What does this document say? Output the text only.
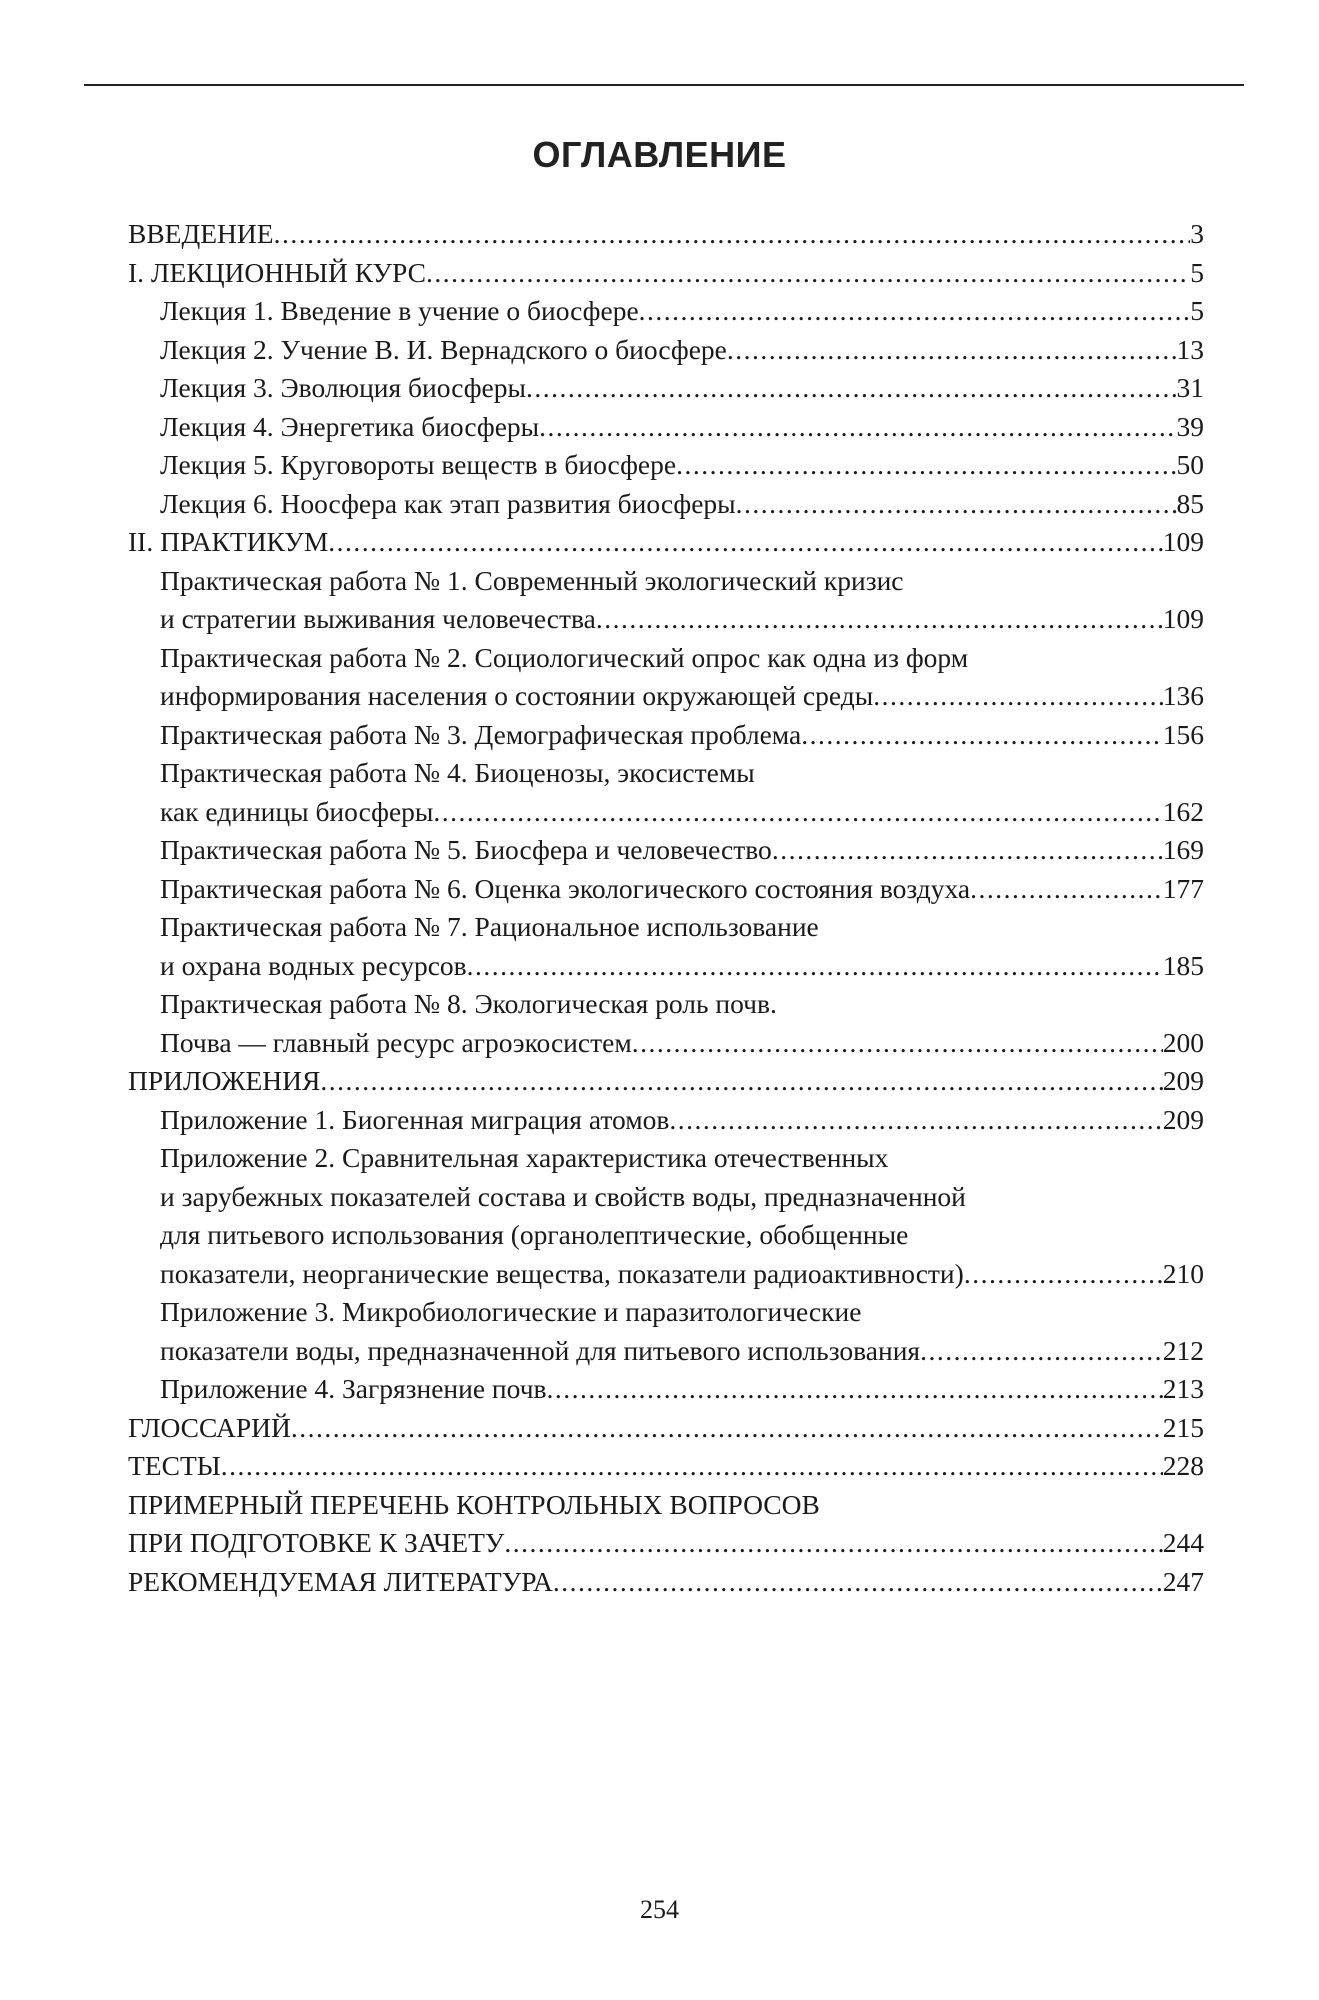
ОГЛАВЛЕНИЕ
ВВЕДЕНИЕ .....	3
I. ЛЕКЦИОННЫЙ КУРС .....	5
Лекция 1. Введение в учение о биосфере .....	5
Лекция 2. Учение В. И. Вернадского о биосфере .....	13
Лекция 3. Эволюция биосферы .....	31
Лекция 4. Энергетика биосферы .....	39
Лекция 5. Круговороты веществ в биосфере .....	50
Лекция 6. Ноосфера как этап развития биосферы .....	85
II. ПРАКТИКУМ .....	109
Практическая работа № 1. Современный экологический кризис
и стратегии выживания человечества .....	109
Практическая работа № 2. Социологический опрос как одна из форм
информирования населения о состоянии окружающей среды .....	136
Практическая работа № 3. Демографическая проблема .....	156
Практическая работа № 4. Биоценозы, экосистемы
как единицы биосферы .....	162
Практическая работа № 5. Биосфера и человечество .....	169
Практическая работа № 6. Оценка экологического состояния воздуха .....	177
Практическая работа № 7. Рациональное использование
и охрана водных ресурсов .....	185
Практическая работа № 8. Экологическая роль почв.
Почва — главный ресурс агроэкосистем .....	200
ПРИЛОЖЕНИЯ .....	209
Приложение 1. Биогенная миграция атомов .....	209
Приложение 2. Сравнительная характеристика отечественных
и зарубежных показателей состава и свойств воды, предназначенной
для питьевого использования (органолептические, обобщенные
показатели, неорганические вещества, показатели радиоактивности) .....	210
Приложение 3. Микробиологические и паразитологические
показатели воды, предназначенной для питьевого использования .....	212
Приложение 4. Загрязнение почв .....	213
ГЛОССАРИЙ .....	215
ТЕСТЫ .....	228
ПРИМЕРНЫЙ ПЕРЕЧЕНЬ КОНТРОЛЬНЫХ ВОПРОСОВ
ПРИ ПОДГОТОВКЕ К ЗАЧЕТУ .....	244
РЕКОМЕНДУЕМАЯ ЛИТЕРАТУРА .....	247
254
